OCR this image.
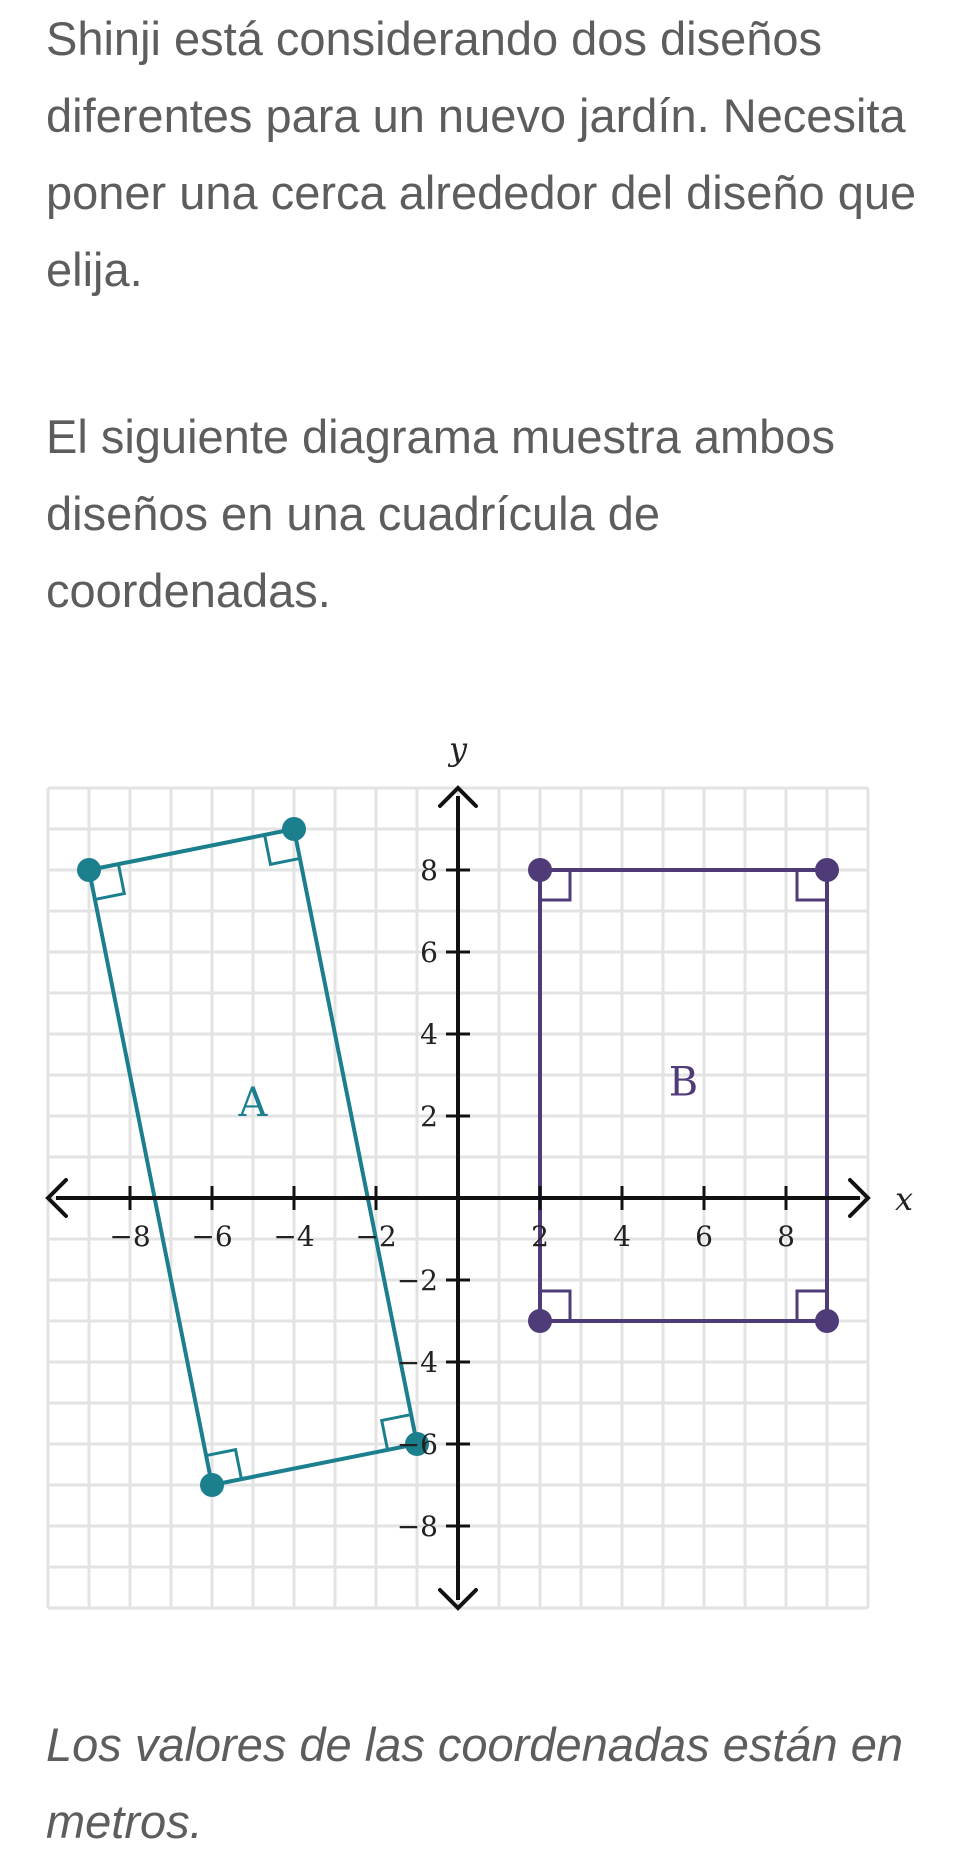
Shinji está considerando dos diseños diferentes para un nuevo jardín. Necesita poner una cerca alrededor del diseño que elija.

El siguiente diagrama muestra ambos diseños en una cuadrícula de coordenadas.

A	B
−8 −6 −4 −2	2 4 6 8
−8
−6
−4
−2
2
4
6
8
x
y

Los valores de las coordenadas están en metros.
